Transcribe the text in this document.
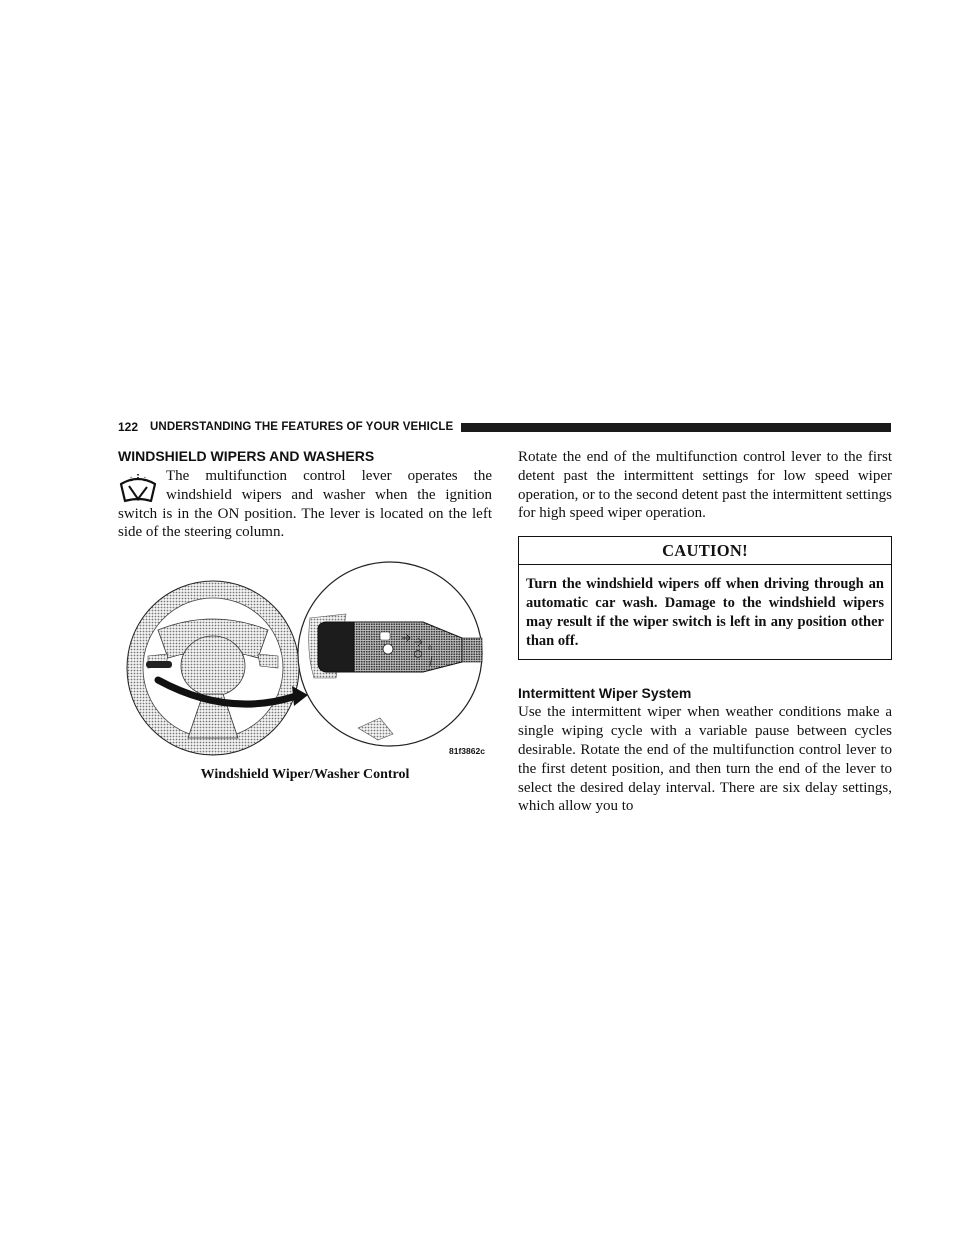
122 UNDERSTANDING THE FEATURES OF YOUR VEHICLE
WINDSHIELD WIPERS AND WASHERS

The multifunction control lever operates the windshield wipers and washer when the ignition switch is in the ON position. The lever is located on the left side of the steering column.

0
81f3862c
Windshield Wiper/Washer Control

Rotate the end of the multifunction control lever to the first detent past the intermittent settings for low speed wiper operation, or to the second detent past the intermittent settings for high speed wiper operation.

CAUTION!
Turn the windshield wipers off when driving through an automatic car wash. Damage to the windshield wipers may result if the wiper switch is left in any position other than off.
Intermittent Wiper System

Use the intermittent wiper when weather conditions make a single wiping cycle with a variable pause between cycles desirable. Rotate the end of the multifunction control lever to the first detent position, and then turn the end of the lever to select the desired delay interval. There are six delay settings, which allow you to
